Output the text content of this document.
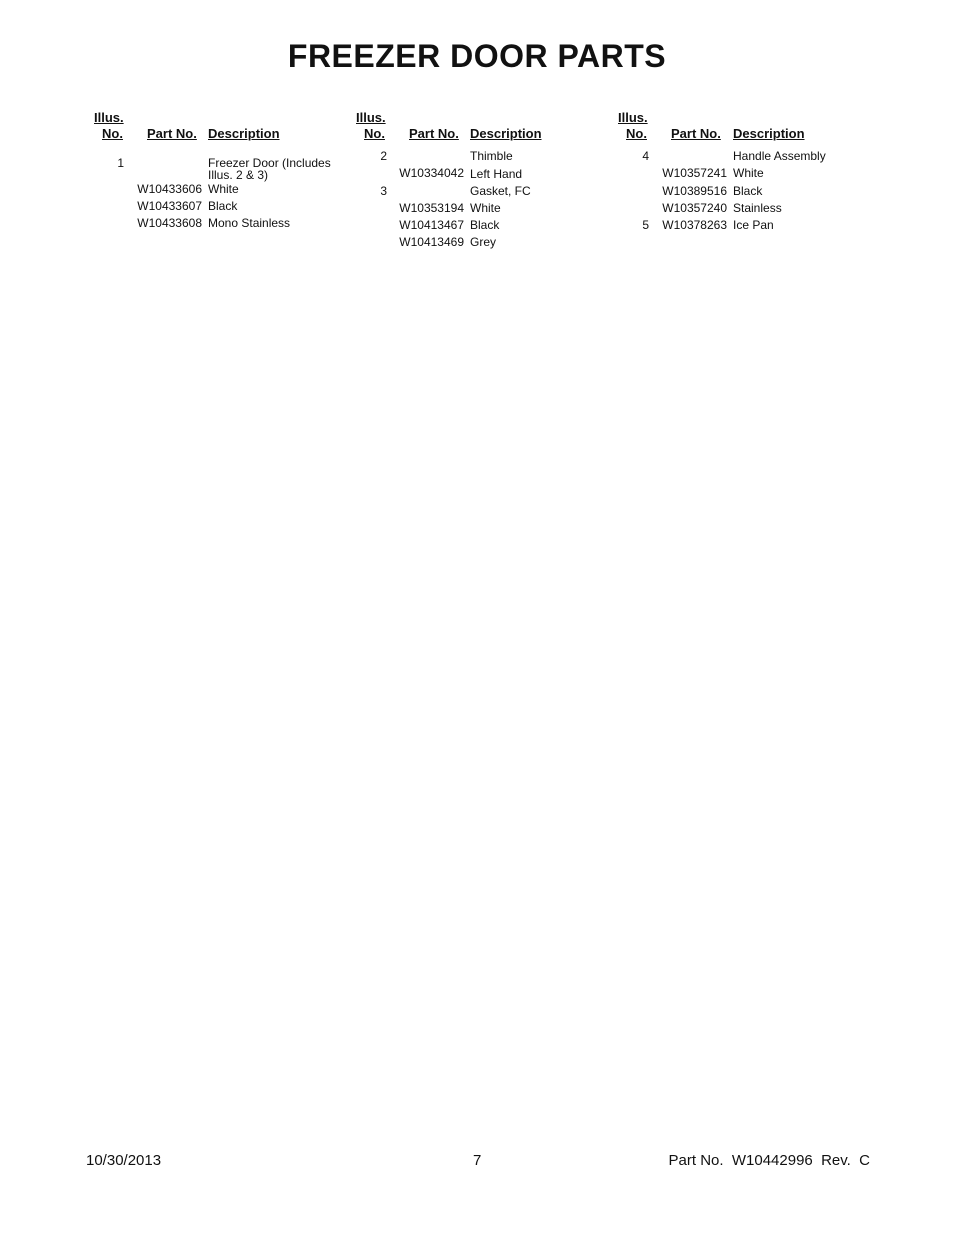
FREEZER DOOR PARTS
Illus.
No. Part No. Description
1	Freezer Door (Includes Illus. 2 & 3)
W10433606 White
W10433607 Black
W10433608 Mono Stainless
Illus.
No. Part No. Description
2	Thimble
W10334042 Left Hand
3	Gasket, FC
W10353194 White
W10413467 Black
W10413469 Grey
Illus.
No. Part No. Description
4	Handle Assembly
W10357241 White
W10389516 Black
W10357240 Stainless
5	W10378263 Ice Pan
10/30/2013	7	Part No.  W10442996  Rev.  C
